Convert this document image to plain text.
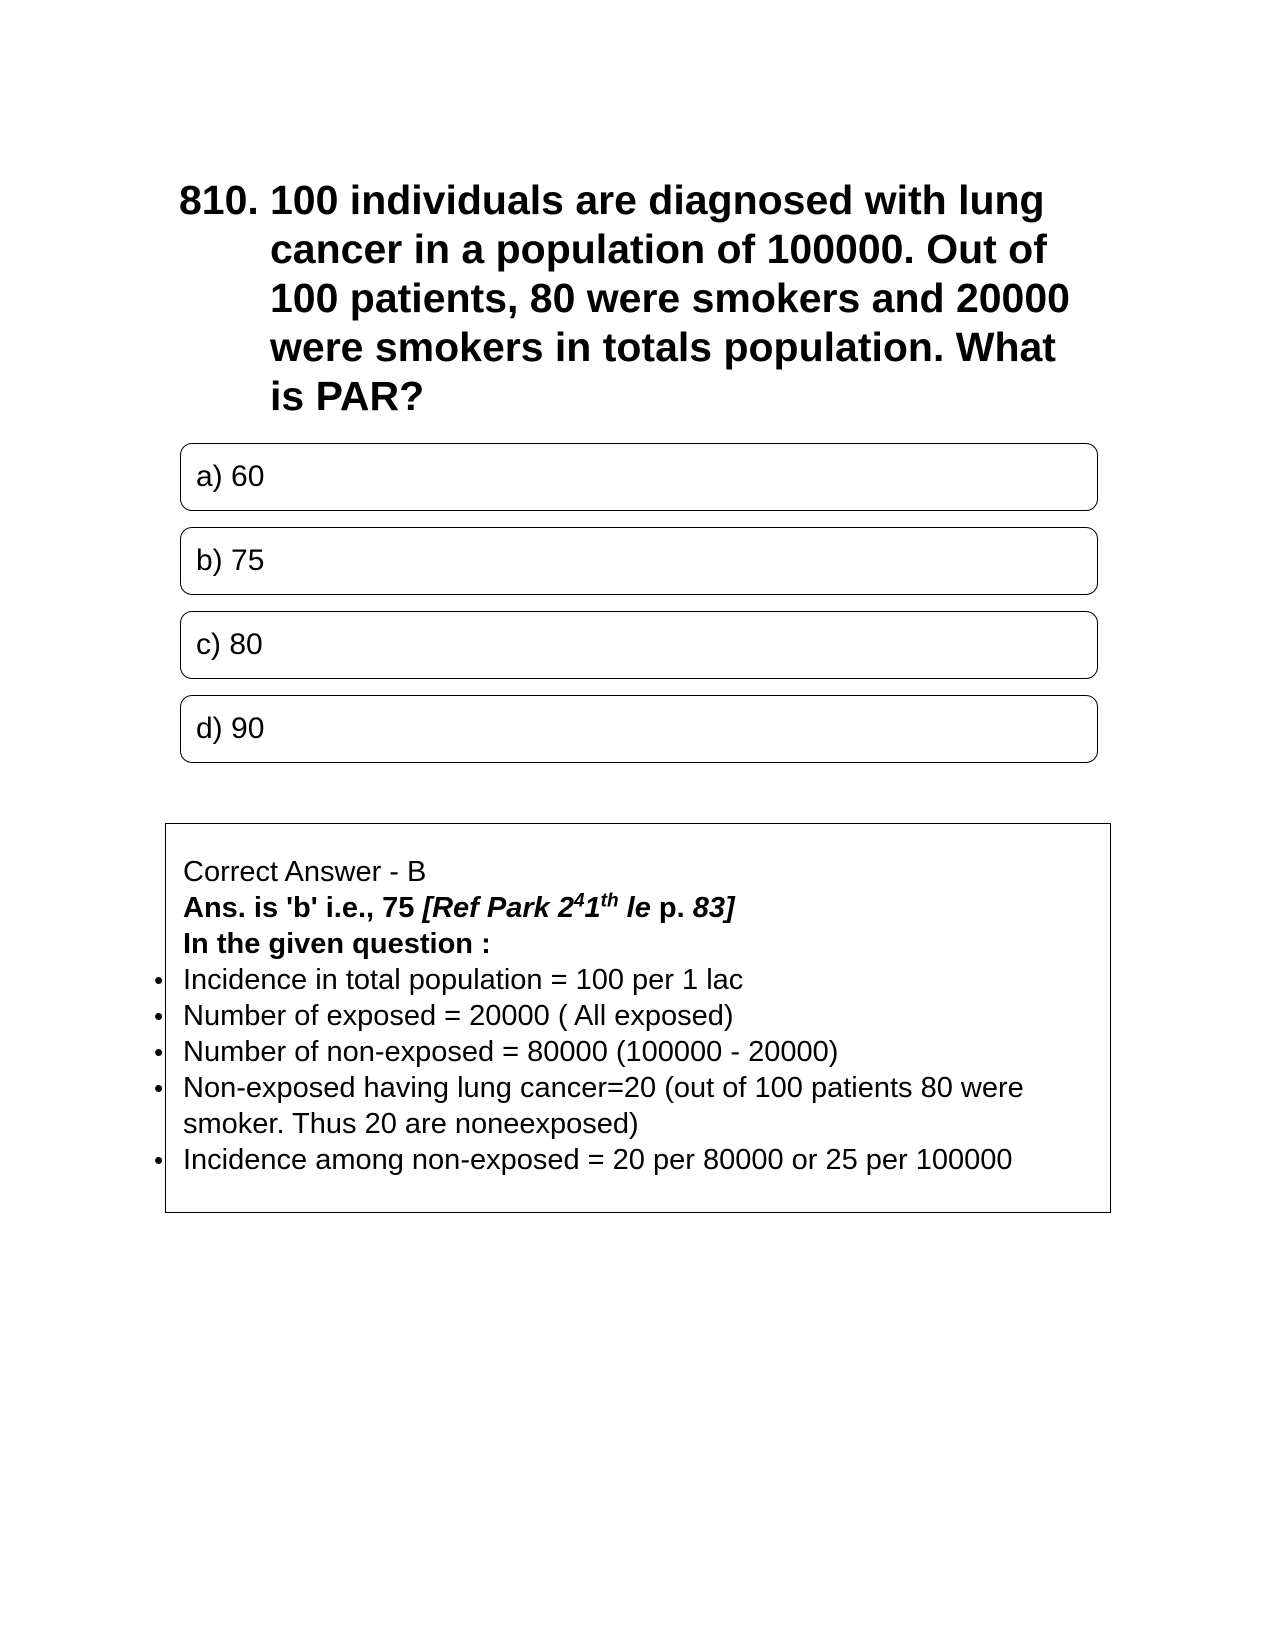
810. 100 individuals are diagnosed with lung cancer in a population of 100000. Out of 100 patients, 80 were smokers and 20000 were smokers in totals population. What is PAR?
a) 60
b) 75
c) 80
d) 90
Correct Answer - B
Ans. is 'b' i.e., 75 [Ref Park $2^41th$ le p. 83]
In the given question :
• Incidence in total population = 100 per 1 lac
• Number of exposed = 20000 ( All exposed)
• Number of non-exposed = 80000 (100000 - 20000)
• Non-exposed having lung cancer=20 (out of 100 patients 80 were smoker. Thus 20 are noneexposed)
• Incidence among non-exposed = 20 per 80000 or 25 per 100000
